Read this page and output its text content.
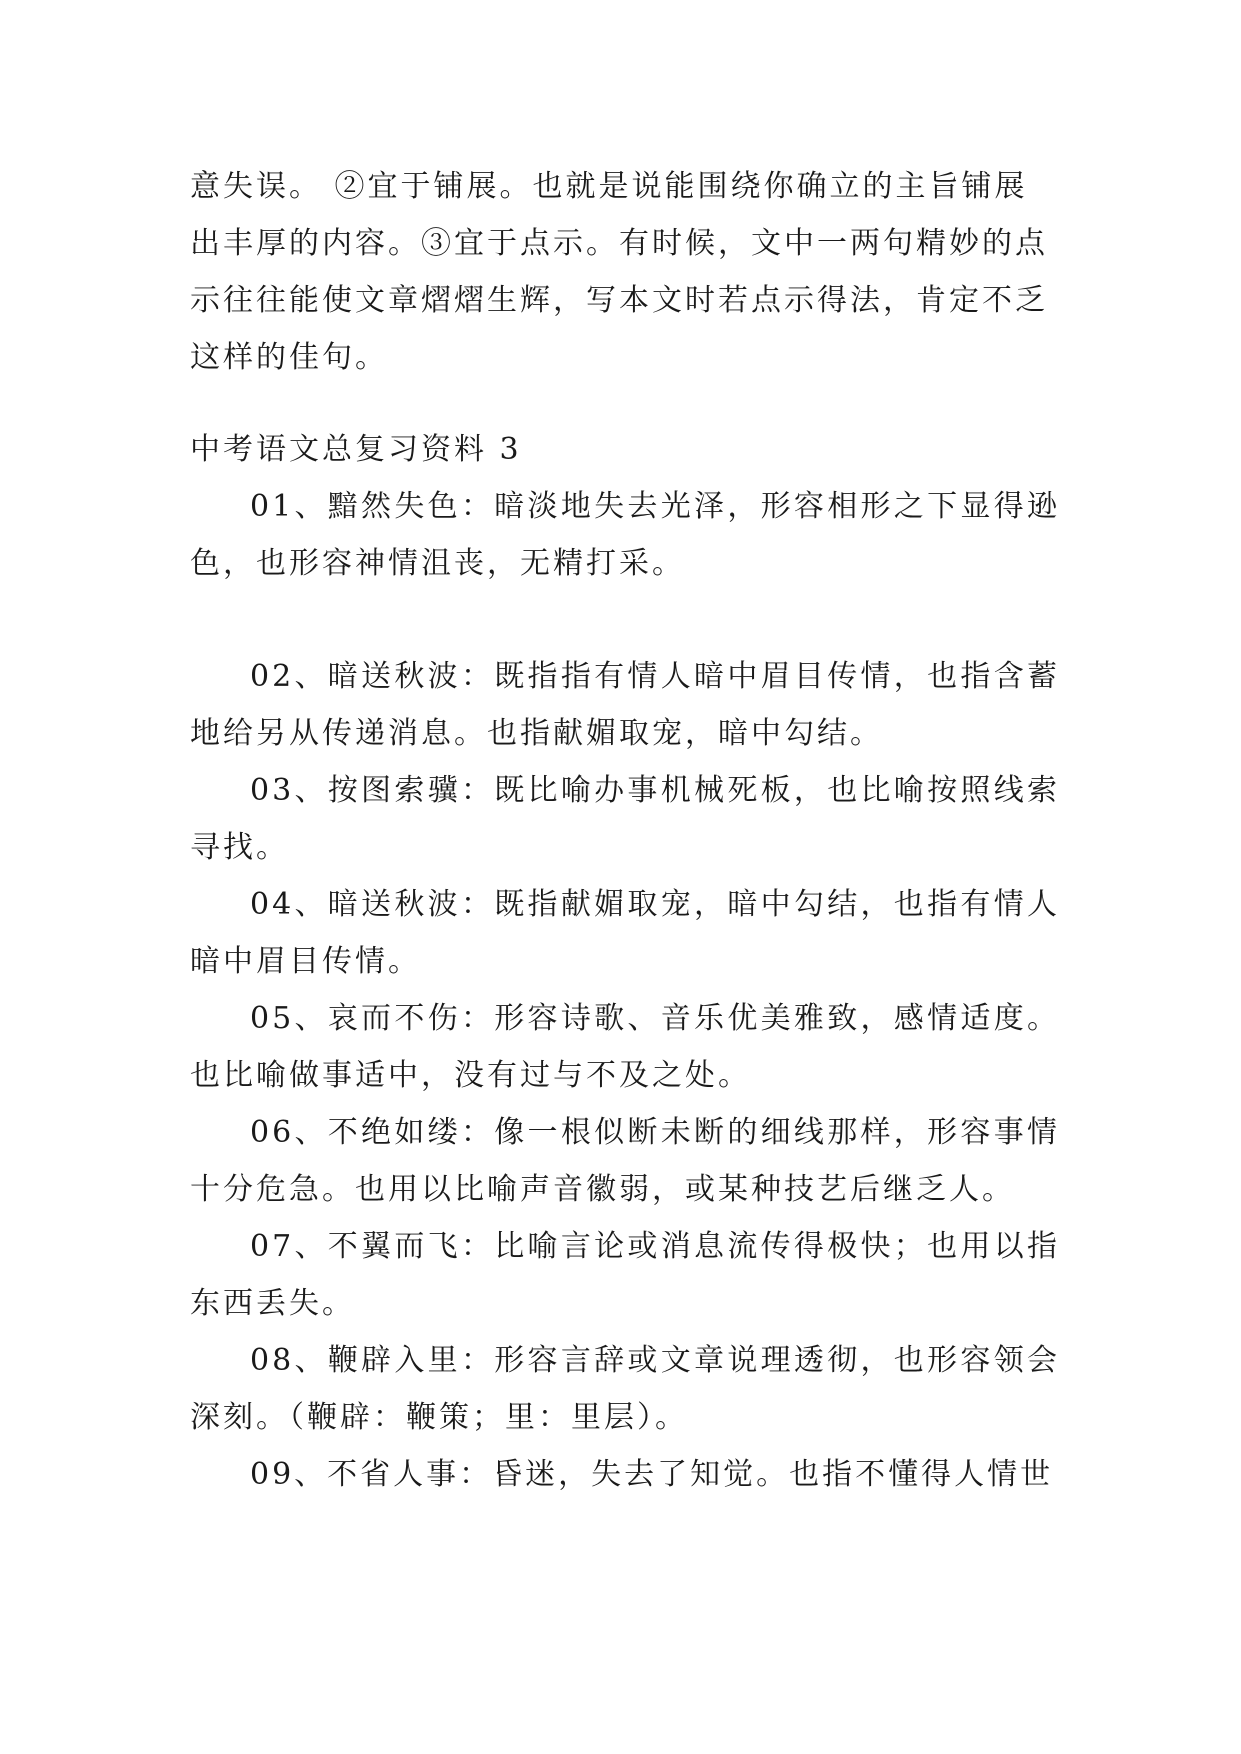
意失误。 ②宜于铺展。也就是说能围绕你确立的主旨铺展

出丰厚的内容。③宜于点示。有时候，文中一两句精妙的点

示往往能使文章熠熠生辉，写本文时若点示得法，肯定不乏

这样的佳句。

中考语文总复习资料 3

01、黯然失色：暗淡地失去光泽，形容相形之下显得逊色，也形容神情沮丧，无精打采。

02、暗送秋波：既指指有情人暗中眉目传情，也指含蓄地给另从传递消息。也指献媚取宠，暗中勾结。

03、按图索骥：既比喻办事机械死板，也比喻按照线索寻找。

04、暗送秋波：既指献媚取宠，暗中勾结，也指有情人暗中眉目传情。

05、哀而不伤：形容诗歌、音乐优美雅致，感情适度。也比喻做事适中，没有过与不及之处。

06、不绝如缕：像一根似断未断的细线那样，形容事情十分危急。也用以比喻声音徽弱，或某种技艺后继乏人。

07、不翼而飞：比喻言论或消息流传得极快；也用以指东西丢失。

08、鞭辟入里：形容言辞或文章说理透彻，也形容领会深刻。（鞭辟：鞭策；里：里层）。

09、不省人事：昏迷，失去了知觉。也指不懂得人情世
